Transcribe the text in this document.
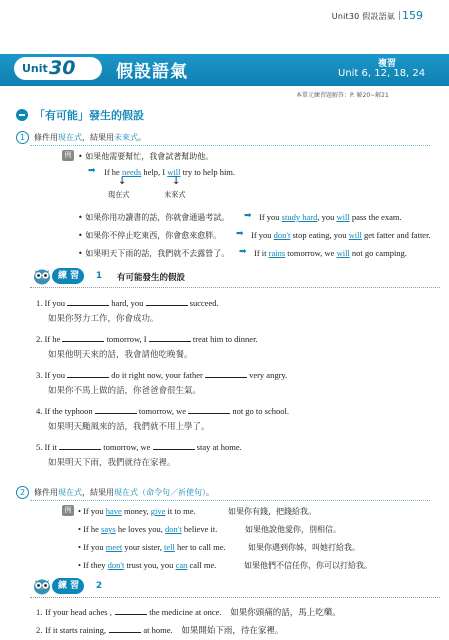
Unit30 假設語氣 159
Unit 30 假設語氣	複習
Unit 6, 12, 18, 24
本單元練習題解答：P. 解20∼解21
「有可能」發生的假設
1	條件用現在式，結果用未來式。
例 • 如果他需要幫忙，我會試著幫助他。
➡ If he needs help, I will try to help him.
↓	↓
現在式	未來式
• 如果你用功讀書的話，你就會通過考試。 ➡ If you study hard, you will pass the exam.
• 如果你不停止吃東西，你會愈來愈胖。 ➡ If you don't stop eating, you will get fatter and fatter.
• 如果明天下雨的話，我們就不去露營了。 ➡ If it rains tomorrow, we will not go camping.
練 習	1	有可能發生的假設
1. If you	hard, you	succeed.
如果你努力工作，你會成功。
2. If he	tomorrow, I	treat him to dinner.
如果他明天來的話，我會請他吃晚餐。
3. If you	do it right now, your father	very angry.
如果你不馬上做的話，你爸爸會很生氣。
4. If the typhoon	tomorrow, we	not go to school.
如果明天颱風來的話，我們就不用上學了。
5. If it	tomorrow, we	stay at home.
如果明天下雨，我們就待在家裡。
2	條件用現在式，結果用現在式（命令句／祈使句）。
例 • If you have money, give it to me.	如果你有錢，把錢給我。
• If he says he loves you, don't believe it.	如果他說他愛你，別相信。
• If you meet your sister, tell her to call me.	如果你遇到你姊，叫她打給我。
• If they don't trust you, you can call me.	如果他們不信任你，你可以打給我。
練 習	2
1. If your head aches ,	the medicine at once. 如果你頭痛的話，馬上吃藥。
2. If it starts raining,	at home. 如果開始下雨，待在家裡。
